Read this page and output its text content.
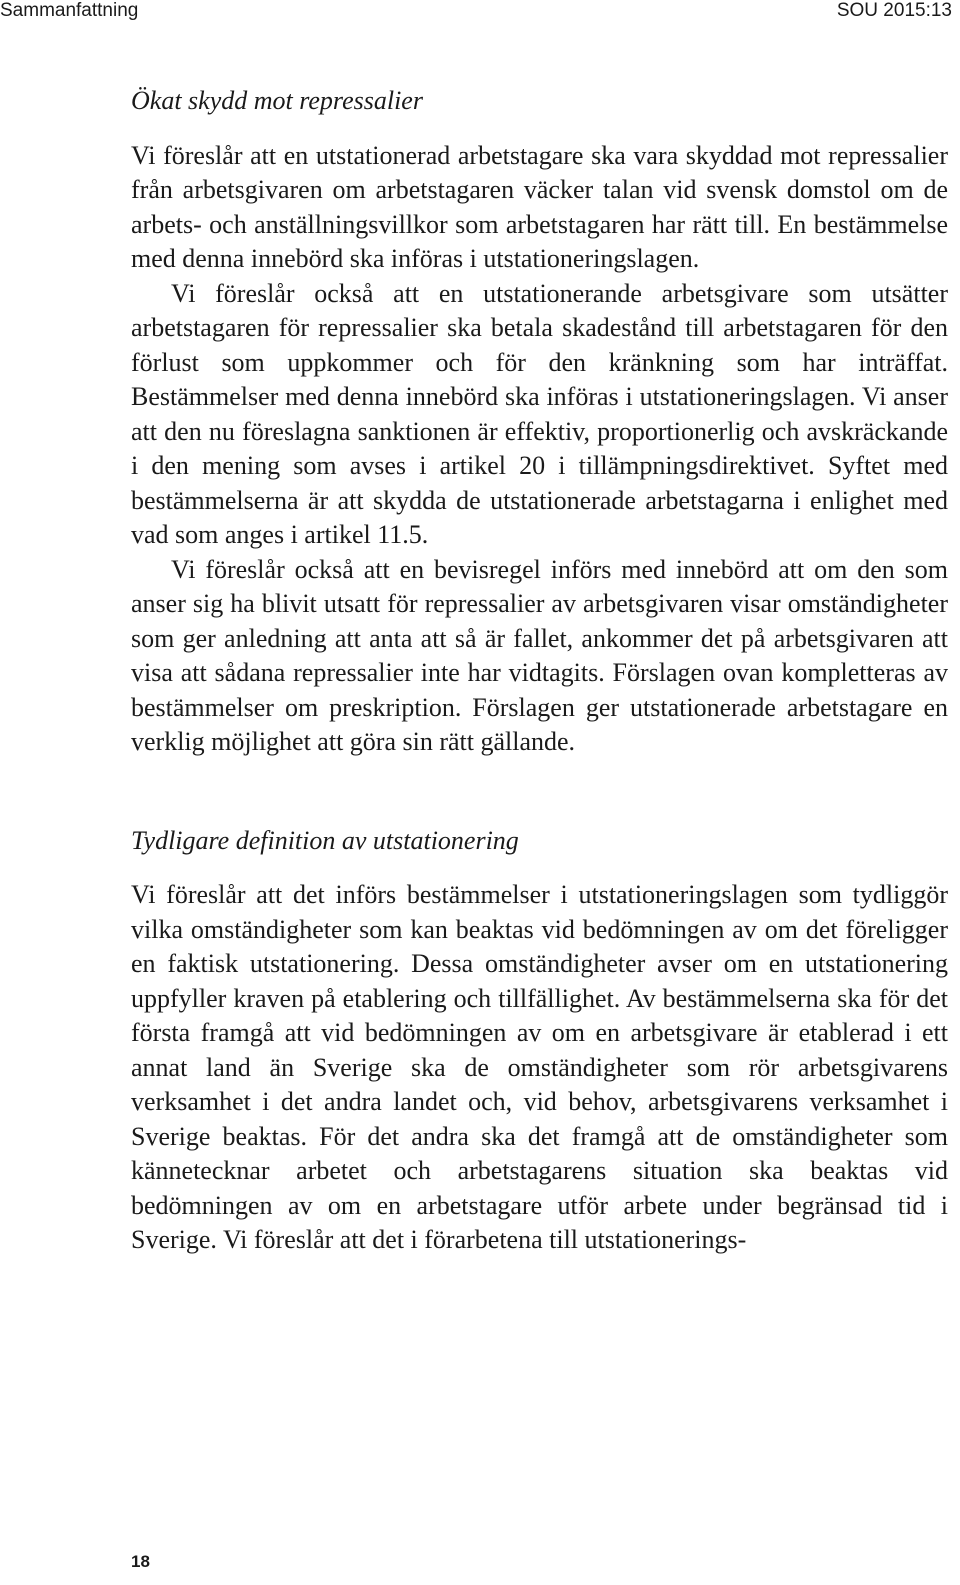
Sammanfattning	SOU 2015:13
Ökat skydd mot repressalier

Vi föreslår att en utstationerad arbetstagare ska vara skyddad mot repressalier från arbetsgivaren om arbetstagaren väcker talan vid svensk domstol om de arbets- och anställningsvillkor som arbetstagaren har rätt till. En bestämmelse med denna innebörd ska införas i utstationeringslagen.

Vi föreslår också att en utstationerande arbetsgivare som utsätter arbetstagaren för repressalier ska betala skadestånd till arbetstagaren för den förlust som uppkommer och för den kränkning som har inträffat. Bestämmelser med denna innebörd ska införas i utstationeringslagen. Vi anser att den nu föreslagna sanktionen är effektiv, proportionerlig och avskräckande i den mening som avses i artikel 20 i tillämpningsdirektivet. Syftet med bestämmelserna är att skydda de utstationerade arbetstagarna i enlighet med vad som anges i artikel 11.5.

Vi föreslår också att en bevisregel införs med innebörd att om den som anser sig ha blivit utsatt för repressalier av arbetsgivaren visar omständigheter som ger anledning att anta att så är fallet, ankommer det på arbetsgivaren att visa att sådana repressalier inte har vidtagits. Förslagen ovan kompletteras av bestämmelser om preskription. Förslagen ger utstationerade arbetstagare en verklig möjlighet att göra sin rätt gällande.

Tydligare definition av utstationering

Vi föreslår att det införs bestämmelser i utstationeringslagen som tydliggör vilka omständigheter som kan beaktas vid bedömningen av om det föreligger en faktisk utstationering. Dessa omständigheter avser om en utstationering uppfyller kraven på etablering och tillfällighet. Av bestämmelserna ska för det första framgå att vid bedömningen av om en arbetsgivare är etablerad i ett annat land än Sverige ska de omständigheter som rör arbetsgivarens verksamhet i det andra landet och, vid behov, arbetsgivarens verksamhet i Sverige beaktas. För det andra ska det framgå att de omständigheter som kännetecknar arbetet och arbetstagarens situation ska beaktas vid bedömningen av om en arbetstagare utför arbete under begränsad tid i Sverige. Vi föreslår att det i förarbetena till utstationerings-

18
